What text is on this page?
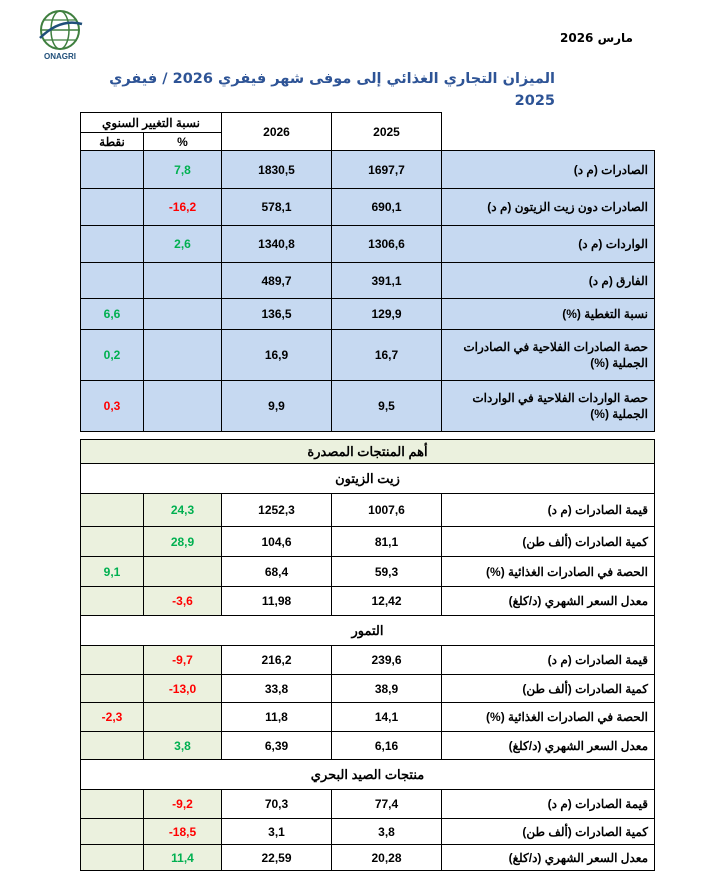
ONAGRI
مارس 2026
الميزان التجاري الغذائي إلى موفى شهر فيفري 2026 / فيفري 2025
نسبة التغيير السنوي		2026	2025	
نقطة	%			
	7,8	1830,5	1697,7	الصادرات (م د)
	-16,2	578,1	690,1	الصادرات دون زيت الزيتون (م د)
	2,6	1340,8	1306,6	الواردات (م د)
		489,7	391,1	الفارق (م د)
6,6		136,5	129,9	نسبة التغطية (%)
0,2		16,9	16,7	حصة الصادرات الفلاحية في الصادرات الجملية (%)
0,3		9,9	9,5	حصة الواردات الفلاحية في الواردات الجملية (%)

أهم المنتجات المصدرة				
زيت الزيتون				
	24,3	1252,3	1007,6	قيمة الصادرات (م د)
	28,9	104,6	81,1	كمية الصادرات (ألف طن)
9,1		68,4	59,3	الحصة في الصادرات الغذائية (%)
	-3,6	11,98	12,42	معدل السعر الشهري (د/كلغ)
التمور				
	-9,7	216,2	239,6	قيمة الصادرات (م د)
	-13,0	33,8	38,9	كمية الصادرات (ألف طن)
-2,3		11,8	14,1	الحصة في الصادرات الغذائية (%)
	3,8	6,39	6,16	معدل السعر الشهري (د/كلغ)
منتجات الصيد البحري				
	-9,2	70,3	77,4	قيمة الصادرات (م د)
	-18,5	3,1	3,8	كمية الصادرات (ألف طن)
	11,4	22,59	20,28	معدل السعر الشهري (د/كلغ)
